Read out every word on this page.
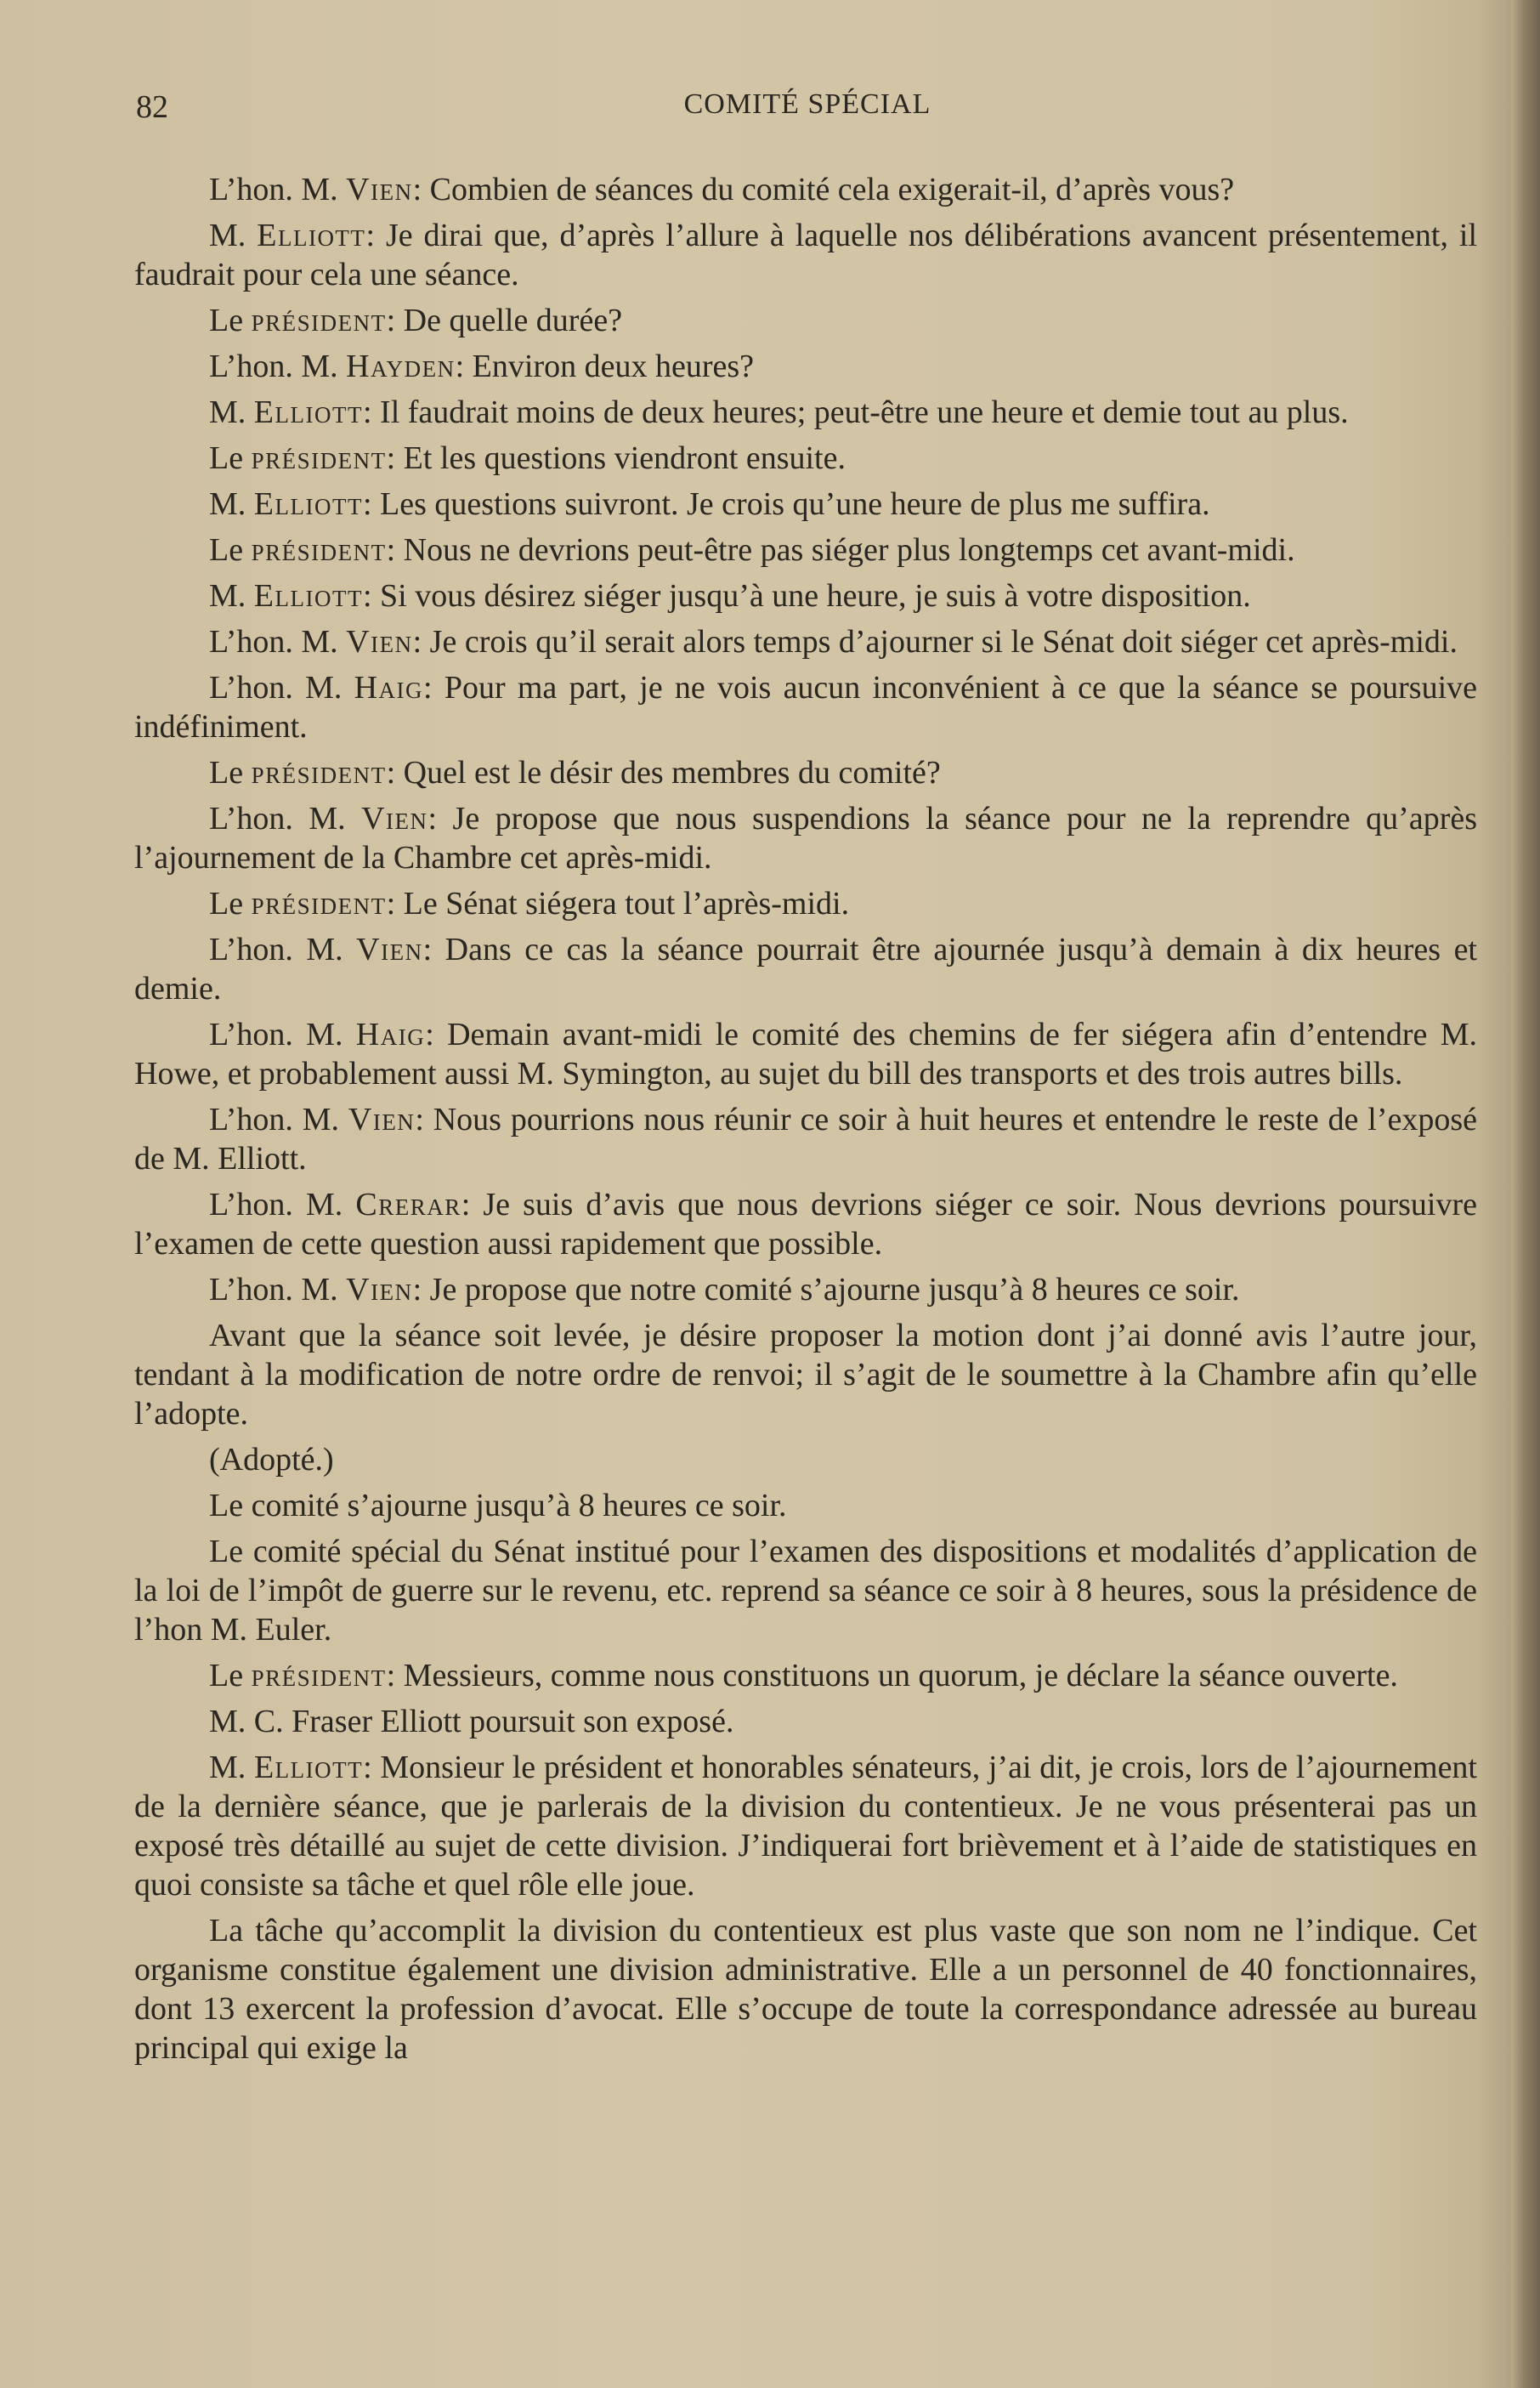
82	COMITÉ SPÉCIAL

L’hon. M. Vien: Combien de séances du comité cela exigerait-il, d’après vous?

M. Elliott: Je dirai que, d’après l’allure à laquelle nos délibérations avancent présentement, il faudrait pour cela une séance.

Le président: De quelle durée?

L’hon. M. Hayden: Environ deux heures?

M. Elliott: Il faudrait moins de deux heures; peut-être une heure et demie tout au plus.

Le président: Et les questions viendront ensuite.

M. Elliott: Les questions suivront. Je crois qu’une heure de plus me suffira.

Le président: Nous ne devrions peut-être pas siéger plus longtemps cet avant-midi.

M. Elliott: Si vous désirez siéger jusqu’à une heure, je suis à votre disposition.

L’hon. M. Vien: Je crois qu’il serait alors temps d’ajourner si le Sénat doit siéger cet après-midi.

L’hon. M. Haig: Pour ma part, je ne vois aucun inconvénient à ce que la séance se poursuive indéfiniment.

Le président: Quel est le désir des membres du comité?

L’hon. M. Vien: Je propose que nous suspendions la séance pour ne la reprendre qu’après l’ajournement de la Chambre cet après-midi.

Le président: Le Sénat siégera tout l’après-midi.

L’hon. M. Vien: Dans ce cas la séance pourrait être ajournée jusqu’à demain à dix heures et demie.

L’hon. M. Haig: Demain avant-midi le comité des chemins de fer siégera afin d’entendre M. Howe, et probablement aussi M. Symington, au sujet du bill des transports et des trois autres bills.

L’hon. M. Vien: Nous pourrions nous réunir ce soir à huit heures et entendre le reste de l’exposé de M. Elliott.

L’hon. M. Crerar: Je suis d’avis que nous devrions siéger ce soir. Nous devrions poursuivre l’examen de cette question aussi rapidement que possible.

L’hon. M. Vien: Je propose que notre comité s’ajourne jusqu’à 8 heures ce soir.

Avant que la séance soit levée, je désire proposer la motion dont j’ai donné avis l’autre jour, tendant à la modification de notre ordre de renvoi; il s’agit de le soumettre à la Chambre afin qu’elle l’adopte.

(Adopté.)

Le comité s’ajourne jusqu’à 8 heures ce soir.

Le comité spécial du Sénat institué pour l’examen des dispositions et modalités d’application de la loi de l’impôt de guerre sur le revenu, etc. reprend sa séance ce soir à 8 heures, sous la présidence de l’hon M. Euler.

Le président: Messieurs, comme nous constituons un quorum, je déclare la séance ouverte.

M. C. Fraser Elliott poursuit son exposé.

M. Elliott: Monsieur le président et honorables sénateurs, j’ai dit, je crois, lors de l’ajournement de la dernière séance, que je parlerais de la division du contentieux. Je ne vous présenterai pas un exposé très détaillé au sujet de cette division. J’indiquerai fort brièvement et à l’aide de statistiques en quoi consiste sa tâche et quel rôle elle joue.

La tâche qu’accomplit la division du contentieux est plus vaste que son nom ne l’indique. Cet organisme constitue également une division administrative. Elle a un personnel de 40 fonctionnaires, dont 13 exercent la profession d’avocat. Elle s’occupe de toute la correspondance adressée au bureau principal qui exige la
